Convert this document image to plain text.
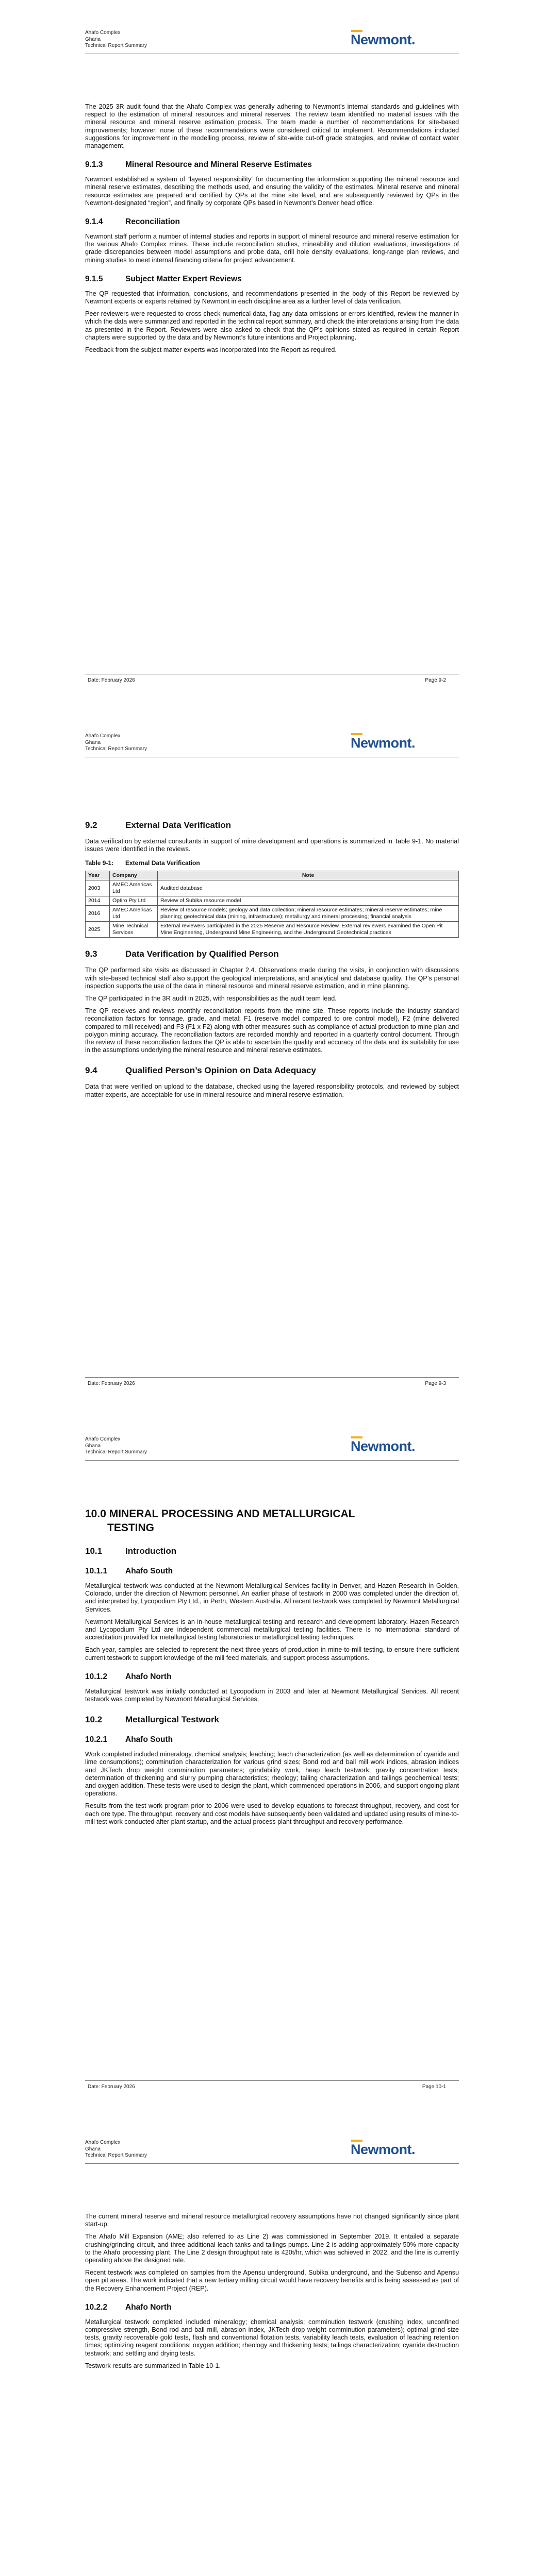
Ahafo Complex
Ghana
Technical Report Summary	Newmont.

The 2025 3R audit found that the Ahafo Complex was generally adhering to Newmont’s internal standards and guidelines with respect to the estimation of mineral resources and mineral reserves. The review team identified no material issues with the mineral resource and mineral reserve estimation process. The team made a number of recommendations for site-based improvements; however, none of these recommendations were considered critical to implement. Recommendations included suggestions for improvement in the modelling process, review of site-wide cut-off grade strategies, and review of contact water management.

9.1.3	Mineral Resource and Mineral Reserve Estimates

Newmont established a system of “layered responsibility” for documenting the information supporting the mineral resource and mineral reserve estimates, describing the methods used, and ensuring the validity of the estimates. Mineral reserve and mineral resource estimates are prepared and certified by QPs at the mine site level, and are subsequently reviewed by QPs in the Newmont-designated “region”, and finally by corporate QPs based in Newmont’s Denver head office.

9.1.4	Reconciliation

Newmont staff perform a number of internal studies and reports in support of mineral resource and mineral reserve estimation for the various Ahafo Complex mines. These include reconciliation studies, mineability and dilution evaluations, investigations of grade discrepancies between model assumptions and probe data, drill hole density evaluations, long-range plan reviews, and mining studies to meet internal financing criteria for project advancement.

9.1.5	Subject Matter Expert Reviews

The QP requested that information, conclusions, and recommendations presented in the body of this Report be reviewed by Newmont experts or experts retained by Newmont in each discipline area as a further level of data verification.

Peer reviewers were requested to cross-check numerical data, flag any data omissions or errors identified, review the manner in which the data were summarized and reported in the technical report summary, and check the interpretations arising from the data as presented in the Report. Reviewers were also asked to check that the QP’s opinions stated as required in certain Report chapters were supported by the data and by Newmont’s future intentions and Project planning.

Feedback from the subject matter experts was incorporated into the Report as required.

Date: February 2026	Page 9-2
Ahafo Complex
Ghana
Technical Report Summary	Newmont.
9.2	External Data Verification

Data verification by external consultants in support of mine development and operations is summarized in Table 9-1. No material issues were identified in the reviews.

Table 9-1:	External Data Verification
Year	Company	Note
2003	AMEC Americas Ltd	Audited database
2014	Optiro Pty Ltd	Review of Subika resource model
2016	AMEC Americas Ltd	Review of resource models; geology and data collection; mineral resource estimates; mineral reserve estimates; mine planning; geotechnical data (mining, infrastructure); metallurgy and mineral processing; financial analysis
2025	Mine Technical Services	External reviewers participated in the 2025 Reserve and Resource Review. External reviewers examined the Open Pit Mine Engineering, Underground Mine Engineering, and the Underground Geotechnical practices
9.3	Data Verification by Qualified Person

The QP performed site visits as discussed in Chapter 2.4. Observations made during the visits, in conjunction with discussions with site-based technical staff also support the geological interpretations, and analytical and database quality. The QP’s personal inspection supports the use of the data in mineral resource and mineral reserve estimation, and in mine planning.

The QP participated in the 3R audit in 2025, with responsibilities as the audit team lead.

The QP receives and reviews monthly reconciliation reports from the mine site. These reports include the industry standard reconciliation factors for tonnage, grade, and metal; F1 (reserve model compared to ore control model), F2 (mine delivered compared to mill received) and F3 (F1 x F2) along with other measures such as compliance of actual production to mine plan and polygon mining accuracy. The reconciliation factors are recorded monthly and reported in a quarterly control document. Through the review of these reconciliation factors the QP is able to ascertain the quality and accuracy of the data and its suitability for use in the assumptions underlying the mineral resource and mineral reserve estimates.

9.4	Qualified Person’s Opinion on Data Adequacy

Data that were verified on upload to the database, checked using the layered responsibility protocols, and reviewed by subject matter experts, are acceptable for use in mineral resource and mineral reserve estimation.

Date: February 2026	Page 9-3
Ahafo Complex
Ghana
Technical Report Summary	Newmont.
10.0 MINERAL PROCESSING AND METALLURGICAL
TESTING
10.1	Introduction
10.1.1	Ahafo South

Metallurgical testwork was conducted at the Newmont Metallurgical Services facility in Denver, and Hazen Research in Golden, Colorado, under the direction of Newmont personnel. An earlier phase of testwork in 2000 was completed under the direction of, and interpreted by, Lycopodium Pty Ltd., in Perth, Western Australia. All recent testwork was completed by Newmont Metallurgical Services.

Newmont Metallurgical Services is an in-house metallurgical testing and research and development laboratory. Hazen Research and Lycopodium Pty Ltd are independent commercial metallurgical testing facilities. There is no international standard of accreditation provided for metallurgical testing laboratories or metallurgical testing techniques.

Each year, samples are selected to represent the next three years of production in mine-to-mill testing, to ensure there sufficient current testwork to support knowledge of the mill feed materials, and support process assumptions.

10.1.2	Ahafo North

Metallurgical testwork was initially conducted at Lycopodium in 2003 and later at Newmont Metallurgical Services. All recent testwork was completed by Newmont Metallurgical Services.

10.2	Metallurgical Testwork
10.2.1	Ahafo South

Work completed included mineralogy, chemical analysis; leaching; leach characterization (as well as determination of cyanide and lime consumptions); comminution characterization for various grind sizes; Bond rod and ball mill work indices, abrasion indices and JKTech drop weight comminution parameters; grindability work, heap leach testwork; gravity concentration tests; determination of thickening and slurry pumping characteristics; rheology; tailing characterization and tailings geochemical tests; and oxygen addition. These tests were used to design the plant, which commenced operations in 2006, and support ongoing plant operations.

Results from the test work program prior to 2006 were used to develop equations to forecast throughput, recovery, and cost for each ore type. The throughput, recovery and cost models have subsequently been validated and updated using results of mine-to-mill test work conducted after plant startup, and the actual process plant throughput and recovery performance.

Date: February 2026	Page 10-1
Ahafo Complex
Ghana
Technical Report Summary	Newmont.

The current mineral reserve and mineral resource metallurgical recovery assumptions have not changed significantly since plant start-up.

The Ahafo Mill Expansion (AME; also referred to as Line 2) was commissioned in September 2019. It entailed a separate crushing/grinding circuit, and three additional leach tanks and tailings pumps. Line 2 is adding approximately 50% more capacity to the Ahafo processing plant. The Line 2 design throughput rate is 420t/hr, which was achieved in 2022, and the line is currently operating above the designed rate.

Recent testwork was completed on samples from the Apensu underground, Subika underground, and the Subenso and Apensu open pit areas. The work indicated that a new tertiary milling circuit would have recovery benefits and is being assessed as part of the Recovery Enhancement Project (REP).

10.2.2	Ahafo North

Metallurgical testwork completed included mineralogy; chemical analysis; comminution testwork (crushing index, unconfined compressive strength, Bond rod and ball mill, abrasion index, JKTech drop weight comminution parameters); optimal grind size tests, gravity recoverable gold tests, flash and conventional flotation tests, variability leach tests, evaluation of leaching retention times; optimizing reagent conditions; oxygen addition; rheology and thickening tests; tailings characterization; cyanide destruction testwork; and settling and drying tests.

Testwork results are summarized in Table 10-1.
